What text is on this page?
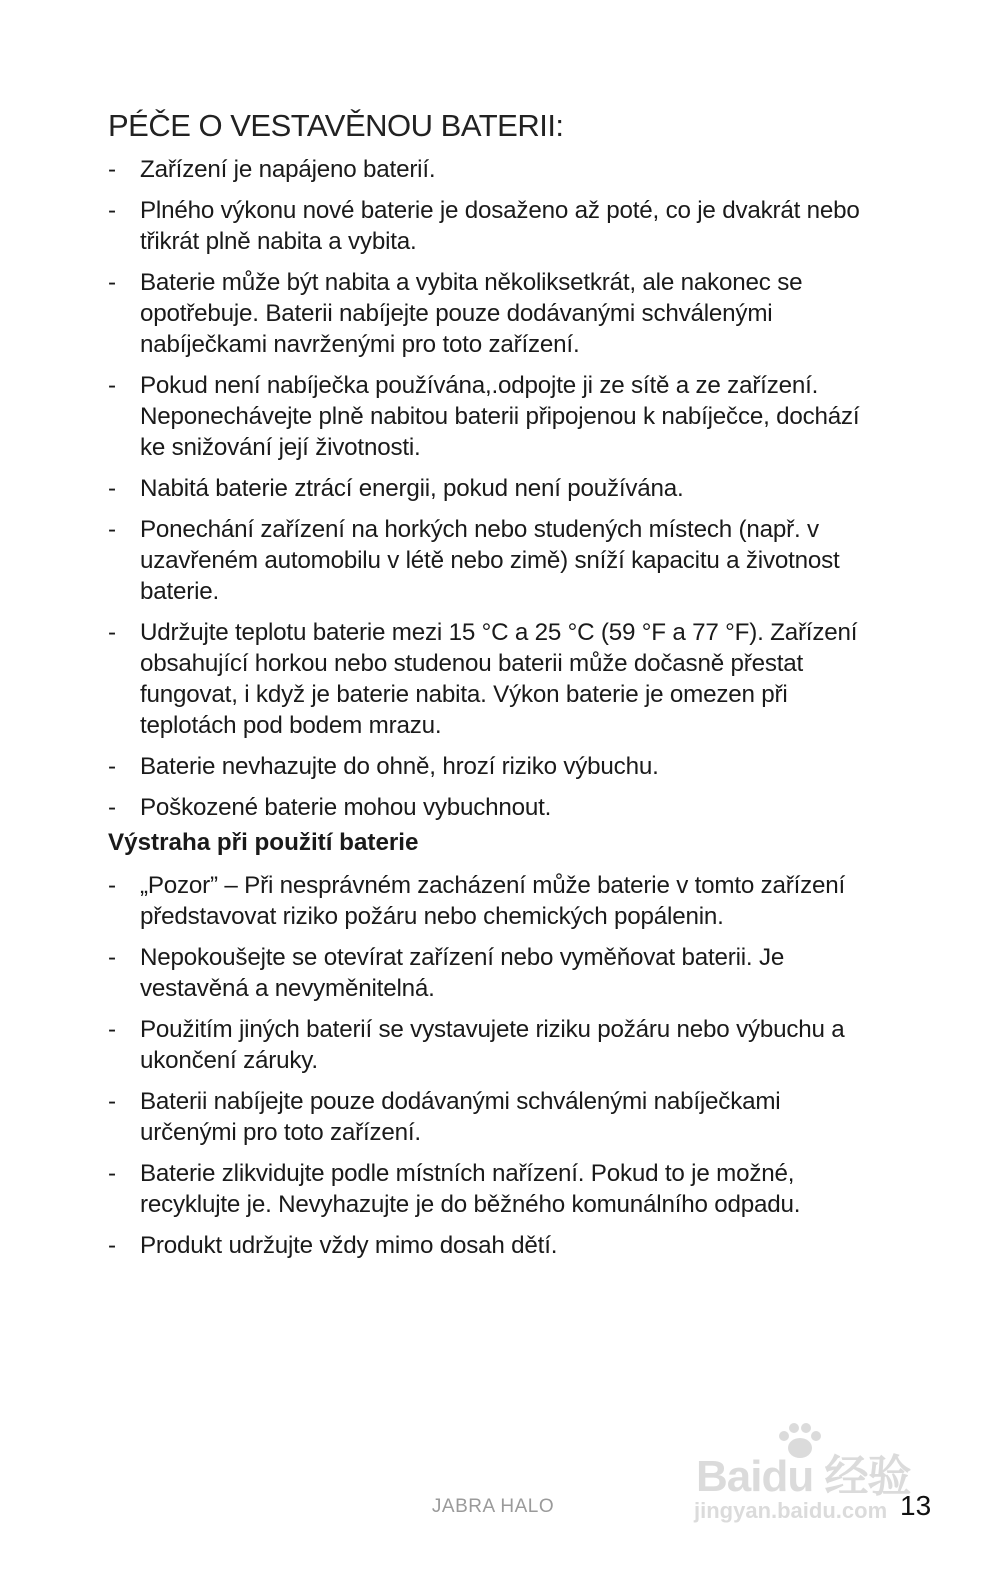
PÉČE O VESTAVĚNOU BATERII:
- Zařízení je napájeno baterií.
- Plného výkonu nové baterie je dosaženo až poté, co je dvakrát nebo třikrát plně nabita a vybita.
- Baterie může být nabita a vybita několiksetkrát, ale nakonec se opotřebuje. Baterii nabíjejte pouze dodávanými schválenými nabíječkami navrženými pro toto zařízení.
- Pokud není nabíječka používána,.odpojte ji ze sítě a ze zařízení. Neponechávejte plně nabitou baterii připojenou k nabíječce, dochází ke snižování její životnosti.
- Nabitá baterie ztrácí energii, pokud není používána.
- Ponechání zařízení na horkých nebo studených místech (např. v uzavřeném automobilu v létě nebo zimě) sníží kapacitu a životnost baterie.
- Udržujte teplotu baterie mezi 15 °C a 25 °C (59 °F a 77 °F). Zařízení obsahující horkou nebo studenou baterii může dočasně přestat fungovat, i když je baterie nabita. Výkon baterie je omezen při teplotách pod bodem mrazu.
- Baterie nevhazujte do ohně, hrozí riziko výbuchu.
- Poškozené baterie mohou vybuchnout.
Výstraha při použití baterie
- „Pozor” – Při nesprávném zacházení může baterie v tomto zařízení představovat riziko požáru nebo chemických popálenin.
- Nepokoušejte se otevírat zařízení nebo vyměňovat baterii. Je vestavěná a nevyměnitelná.
- Použitím jiných baterií se vystavujete riziku požáru nebo výbuchu a ukončení záruky.
- Baterii nabíjejte pouze dodávanými schválenými nabíječkami určenými pro toto zařízení.
- Baterie zlikvidujte podle místních nařízení. Pokud to je možné, recyklujte je. Nevyhazujte je do běžného komunálního odpadu.
- Produkt udržujte vždy mimo dosah dětí.
JABRA HALO	13
Baidu 经验
jingyan.baidu.com
